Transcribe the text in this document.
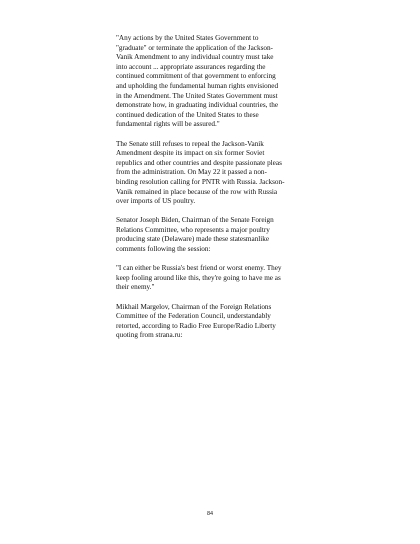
"Any actions by the United States Government to
"graduate" or terminate the application of the Jackson-
Vanik Amendment to any individual country must take
into account ... appropriate assurances regarding the
continued commitment of that government to enforcing
and upholding the fundamental human rights envisioned
in the Amendment. The United States Government must
demonstrate how, in graduating individual countries, the
continued dedication of the United States to these
fundamental rights will be assured."

The Senate still refuses to repeal the Jackson-Vanik
Amendment despite its impact on six former Soviet
republics and other countries and despite passionate pleas
from the administration. On May 22 it passed a non-
binding resolution calling for PNTR with Russia. Jackson-
Vanik remained in place because of the row with Russia
over imports of US poultry.

Senator Joseph Biden, Chairman of the Senate Foreign
Relations Committee, who represents a major poultry
producing state (Delaware) made these statesmanlike
comments following the session:

"I can either be Russia's best friend or worst enemy. They
keep fooling around like this, they're going to have me as
their enemy."

Mikhail Margelov, Chairman of the Foreign Relations
Committee of the Federation Council, understandably
retorted, according to Radio Free Europe/Radio Liberty
quoting from strana.ru:

84
